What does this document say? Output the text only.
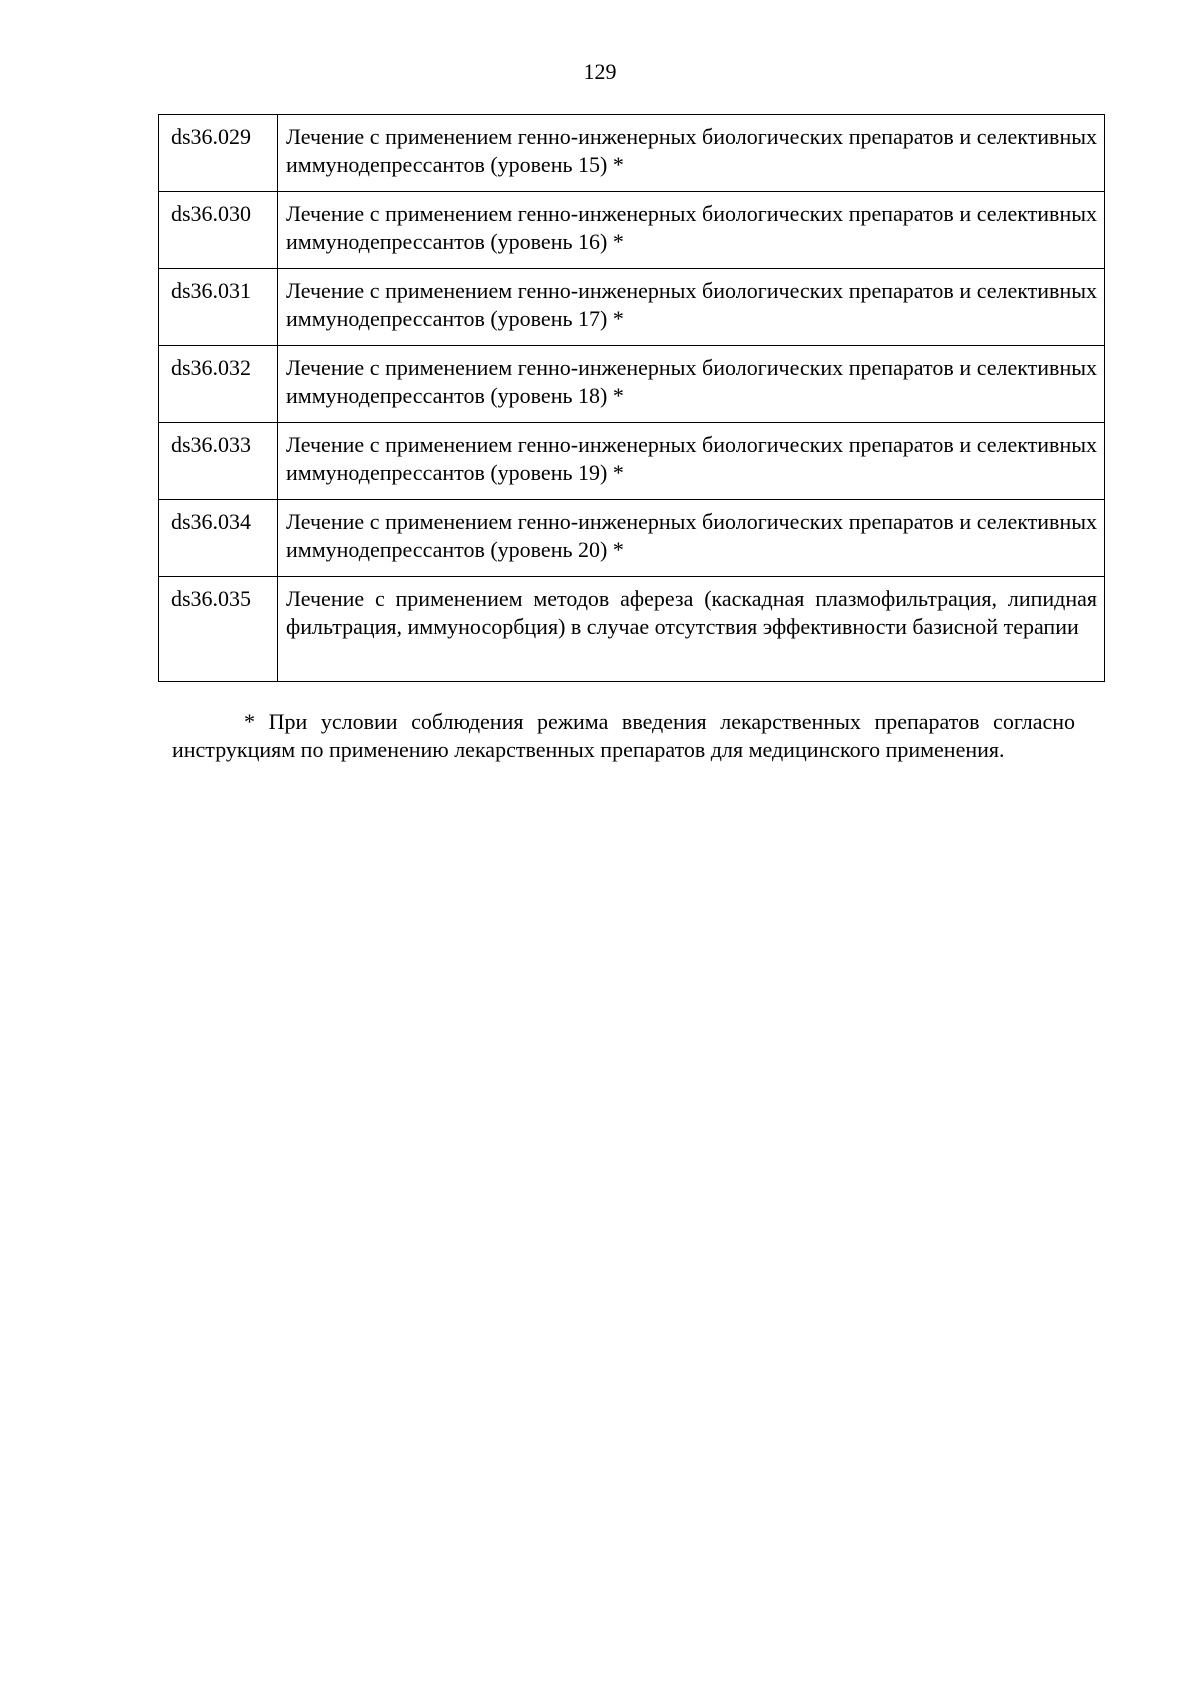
129
ds36.029	Лечение с применением генно-инженерных биологических препаратов и селективных иммунодепрессантов (уровень 15) *
ds36.030	Лечение с применением генно-инженерных биологических препаратов и селективных иммунодепрессантов (уровень 16) *
ds36.031	Лечение с применением генно-инженерных биологических препаратов и селективных иммунодепрессантов (уровень 17) *
ds36.032	Лечение с применением генно-инженерных биологических препаратов и селективных иммунодепрессантов (уровень 18) *
ds36.033	Лечение с применением генно-инженерных биологических препаратов и селективных иммунодепрессантов (уровень 19) *
ds36.034	Лечение с применением генно-инженерных биологических препаратов и селективных иммунодепрессантов (уровень 20) *
ds36.035	Лечение с применением методов афереза (каскадная плазмофильтрация, липидная фильтрация, иммуносорбция) в случае отсутствия эффективности базисной терапии

* При условии соблюдения режима введения лекарственных препаратов согласно инструкциям по применению лекарственных препаратов для медицинского применения.
